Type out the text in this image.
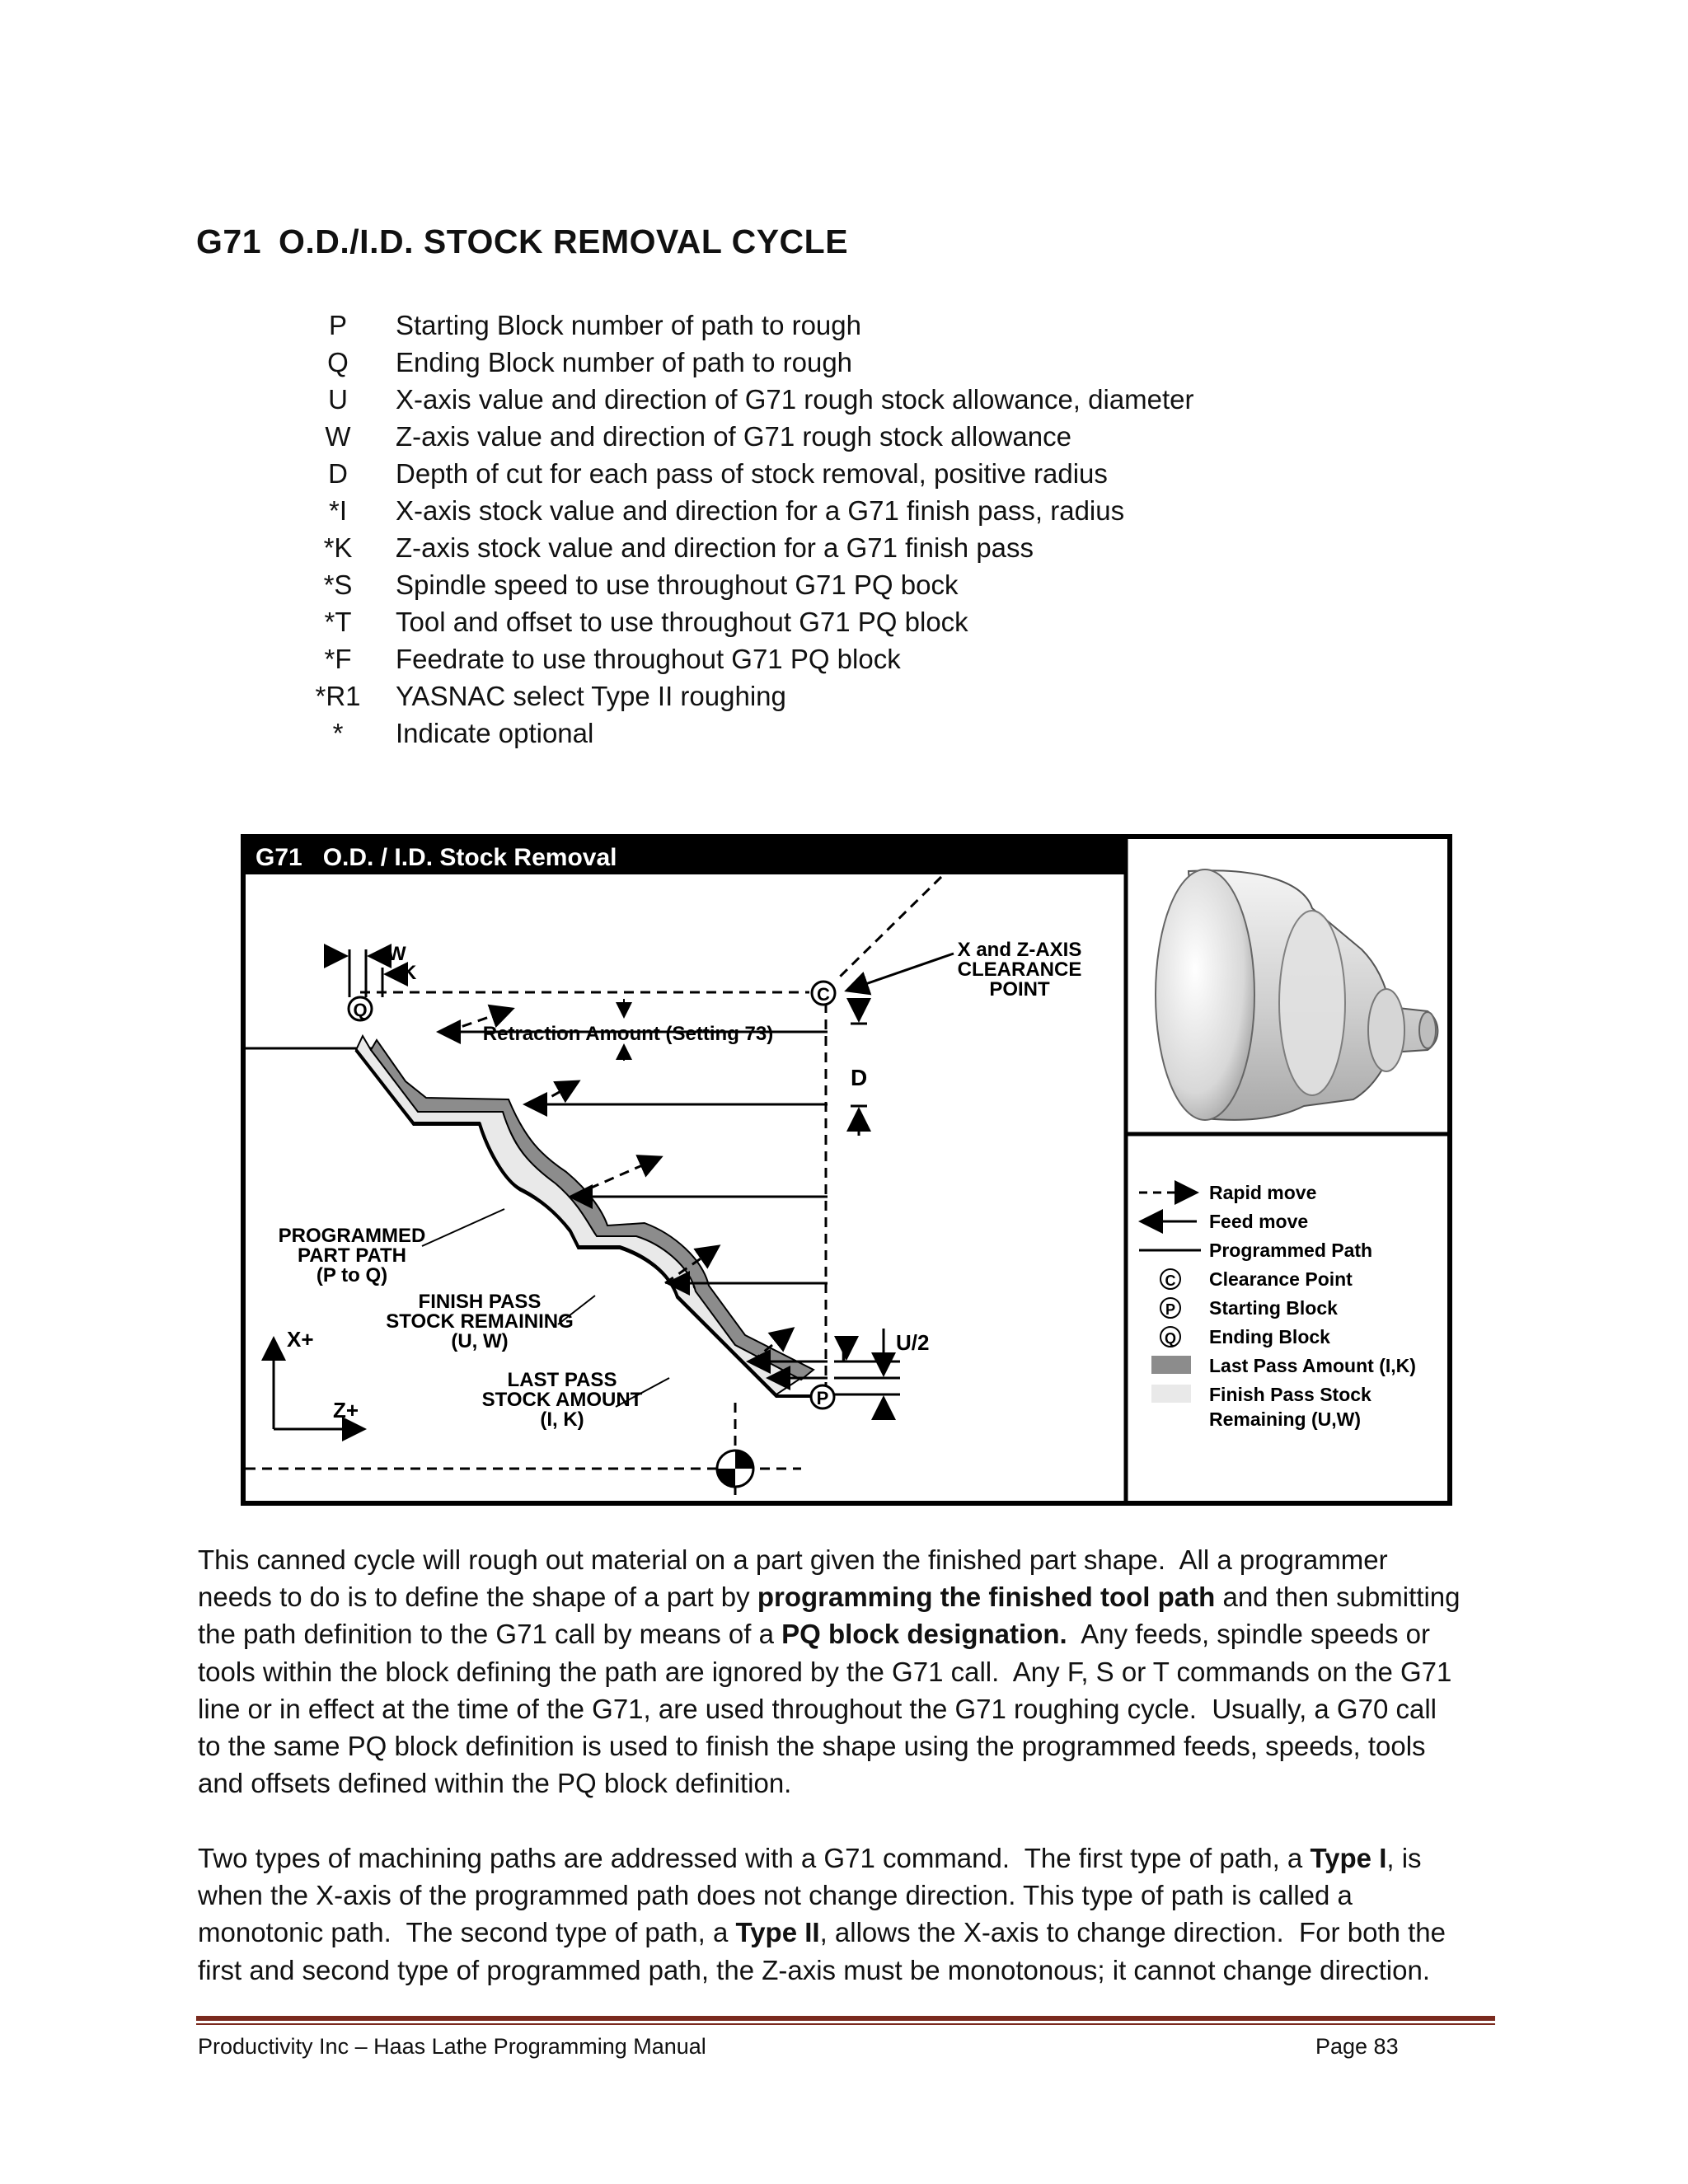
G71 O.D./I.D. STOCK REMOVAL CYCLE
P	Starting Block number of path to rough
Q	Ending Block number of path to rough
U	X-axis value and direction of G71 rough stock allowance, diameter
W	Z-axis value and direction of G71 rough stock allowance
D	Depth of cut for each pass of stock removal, positive radius
*I	X-axis stock value and direction for a G71 finish pass, radius
*K	Z-axis stock value and direction for a G71 finish pass
*S	Spindle speed to use throughout G71 PQ bock
*T	Tool and offset to use throughout G71 PQ block
*F	Feedrate to use throughout G71 PQ block
*R1	YASNAC select Type II roughing
*	Indicate optional
G71   O.D. / I.D. Stock Removal
X and Z-AXIS CLEARANCE POINT
C
Q
P
W
K
Retraction Amount (Setting 73)
D
I U/2
PROGRAMMED PART PATH (P to Q)
FINISH PASS STOCK REMAINING (U, W)
LAST PASS STOCK AMOUNT (I, K)
X+
Z+
C
P
Q
Rapid move
Feed move
Programmed Path
Clearance Point
Starting Block
Ending Block
Last Pass Amount (I,K)
Finish Pass Stock
Remaining (U,W)
This canned cycle will rough out material on a part given the finished part shape.  All a programmer
needs to do is to define the shape of a part by programming the finished tool path and then submitting
the path definition to the G71 call by means of a PQ block designation.  Any feeds, spindle speeds or
tools within the block defining the path are ignored by the G71 call.  Any F, S or T commands on the G71
line or in effect at the time of the G71, are used throughout the G71 roughing cycle.  Usually, a G70 call
to the same PQ block definition is used to finish the shape using the programmed feeds, speeds, tools
and offsets defined within the PQ block definition.
Two types of machining paths are addressed with a G71 command.  The first type of path, a Type I, is
when the X-axis of the programmed path does not change direction. This type of path is called a
monotonic path.  The second type of path, a Type II, allows the X-axis to change direction.  For both the
first and second type of programmed path, the Z-axis must be monotonous; it cannot change direction.
Productivity Inc – Haas Lathe Programming Manual	Page 83
